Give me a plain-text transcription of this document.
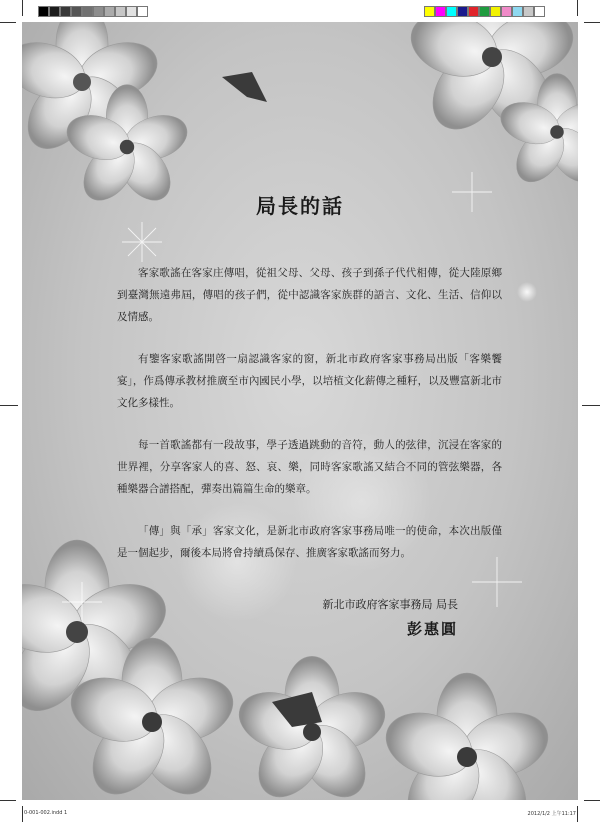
局長的話

客家歌謠在客家庄傳唱，從祖父母、父母、孩子到孫子代代相傳，從大陸原鄉到臺灣無遠弗屆，傳唱的孩子們，從中認識客家族群的語言、文化、生活、信仰以及情感。

有鑒客家歌謠開啓一扇認識客家的窗，新北市政府客家事務局出版「客樂饗宴」，作爲傳承教材推廣至市內國民小學，以培植文化薪傳之種籽，以及豐富新北市文化多樣性。

每一首歌謠都有一段故事，學子透過跳動的音符，動人的弦律，沉浸在客家的世界裡，分享客家人的喜、怒、哀、樂，同時客家歌謠又結合不同的管弦樂器，各種樂器合譜搭配，彈奏出篇篇生命的樂章。

「傳」與「承」客家文化，是新北市政府客家事務局唯一的使命，本次出版僅是一個起步，爾後本局將會持續爲保存、推廣客家歌謠而努力。

新北市政府客家事務局 局長
彭惠圓
0-001-002.indd 1	2012/1/2 上午11:17
